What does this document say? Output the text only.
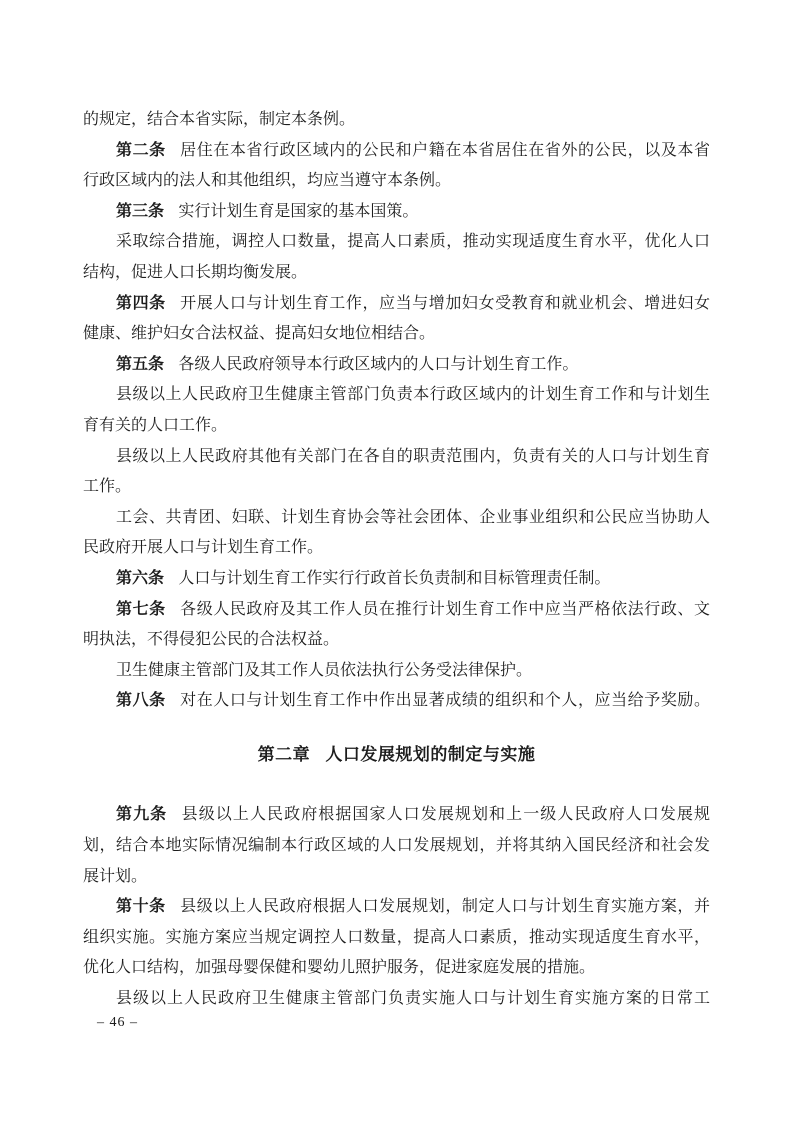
的规定，结合本省实际，制定本条例。
第二条 居住在本省行政区域内的公民和户籍在本省居住在省外的公民，以及本省
行政区域内的法人和其他组织，均应当遵守本条例。
第三条 实行计划生育是国家的基本国策。
采取综合措施，调控人口数量，提高人口素质，推动实现适度生育水平，优化人口
结构，促进人口长期均衡发展。
第四条 开展人口与计划生育工作，应当与增加妇女受教育和就业机会、增进妇女
健康、维护妇女合法权益、提高妇女地位相结合。
第五条 各级人民政府领导本行政区域内的人口与计划生育工作。
县级以上人民政府卫生健康主管部门负责本行政区域内的计划生育工作和与计划生
育有关的人口工作。
县级以上人民政府其他有关部门在各自的职责范围内，负责有关的人口与计划生育
工作。
工会、共青团、妇联、计划生育协会等社会团体、企业事业组织和公民应当协助人
民政府开展人口与计划生育工作。
第六条 人口与计划生育工作实行行政首长负责制和目标管理责任制。
第七条 各级人民政府及其工作人员在推行计划生育工作中应当严格依法行政、文
明执法，不得侵犯公民的合法权益。
卫生健康主管部门及其工作人员依法执行公务受法律保护。
第八条 对在人口与计划生育工作中作出显著成绩的组织和个人，应当给予奖励。
第二章 人口发展规划的制定与实施
第九条 县级以上人民政府根据国家人口发展规划和上一级人民政府人口发展规
划，结合本地实际情况编制本行政区域的人口发展规划，并将其纳入国民经济和社会发
展计划。
第十条 县级以上人民政府根据人口发展规划，制定人口与计划生育实施方案，并
组织实施。实施方案应当规定调控人口数量，提高人口素质，推动实现适度生育水平，
优化人口结构，加强母婴保健和婴幼儿照护服务，促进家庭发展的措施。
县级以上人民政府卫生健康主管部门负责实施人口与计划生育实施方案的日常工
– 46 –
